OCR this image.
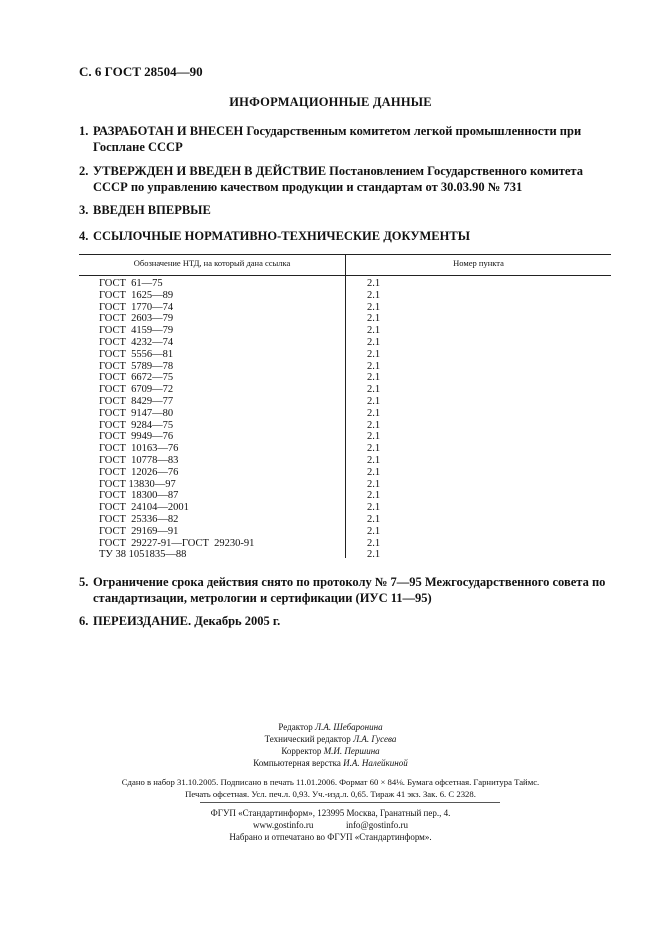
С. 6 ГОСТ 28504—90
ИНФОРМАЦИОННЫЕ ДАННЫЕ
1. РАЗРАБОТАН И ВНЕСЕН Государственным комитетом легкой промышленности при Госплане СССР
2. УТВЕРЖДЕН И ВВЕДЕН В ДЕЙСТВИЕ Постановлением Государственного комитета СССР по управлению качеством продукции и стандартам от 30.03.90 № 731
3. ВВЕДЕН ВПЕРВЫЕ
4. ССЫЛОЧНЫЕ НОРМАТИВНО-ТЕХНИЧЕСКИЕ ДОКУМЕНТЫ
Обозначение НТД, на который дана ссылка	Номер пункта
ГОСТ  61—75	2.1
ГОСТ  1625—89	2.1
ГОСТ  1770—74	2.1
ГОСТ  2603—79	2.1
ГОСТ  4159—79	2.1
ГОСТ  4232—74	2.1
ГОСТ  5556—81	2.1
ГОСТ  5789—78	2.1
ГОСТ  6672—75	2.1
ГОСТ  6709—72	2.1
ГОСТ  8429—77	2.1
ГОСТ  9147—80	2.1
ГОСТ  9284—75	2.1
ГОСТ  9949—76	2.1
ГОСТ  10163—76	2.1
ГОСТ  10778—83	2.1
ГОСТ  12026—76	2.1
ГОСТ 13830—97	2.1
ГОСТ  18300—87	2.1
ГОСТ  24104—2001	2.1
ГОСТ  25336—82	2.1
ГОСТ  29169—91	2.1
ГОСТ  29227-91—ГОСТ  29230-91	2.1
ТУ 38 1051835—88	2.1
5. Ограничение срока действия снято по протоколу № 7—95 Межгосударственного совета по стандартизации, метрологии и сертификации (ИУС 11—95)
6. ПЕРЕИЗДАНИЕ. Декабрь 2005 г.
Редактор Л.А. Шебаронина
Технический редактор Л.А. Гусева
Корректор М.И. Першина
Компьютерная верстка И.А. Налейкиной
Сдано в набор 31.10.2005. Подписано в печать 11.01.2006. Формат 60 × 84⅛. Бумага офсетная. Гарнитура Таймс.
Печать офсетная. Усл. печ.л. 0,93. Уч.-изд.л. 0,65. Тираж 41 экз. Зак. 6. С 2328.
ФГУП «Стандартинформ», 123995 Москва, Гранатный пер., 4.
www.gostinfo.ru	info@gostinfo.ru
Набрано и отпечатано во ФГУП «Стандартинформ».
